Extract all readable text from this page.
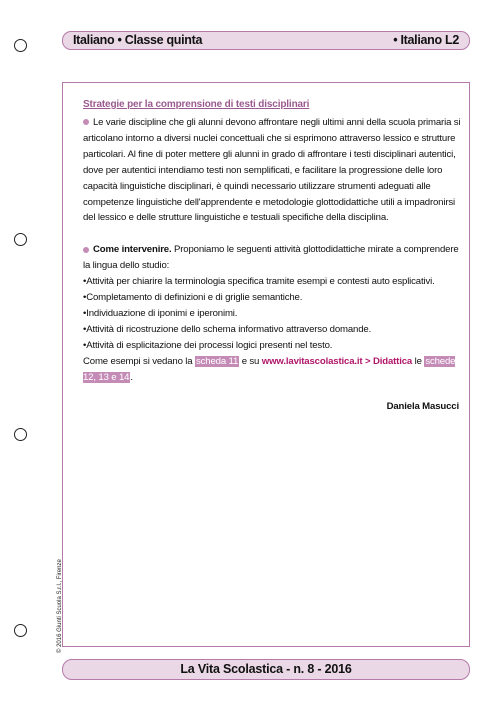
Italiano • Classe quinta	• Italiano L2
Strategie per la comprensione di testi disciplinari

Le varie discipline che gli alunni devono affrontare negli ultimi anni della scuola primaria si articolano intorno a diversi nuclei concettuali che si esprimono attraverso lessico e strutture particolari. Al fine di poter mettere gli alunni in grado di affrontare i testi disciplinari autentici, dove per autentici intendiamo testi non semplificati, e facilitare la progressione delle loro capacità linguistiche disciplinari, è quindi necessario utilizzare strumenti adeguati alle competenze linguistiche dell'apprendente e metodologie glottodidattiche utili a impadronirsi del lessico e delle strutture linguistiche e testuali specifiche della disciplina.

Come intervenire. Proponiamo le seguenti attività glottodidattiche mirate a comprendere la lingua dello studio:

• Attività per chiarire la terminologia specifica tramite esempi e contesti auto esplicativi.
• Completamento di definizioni e di griglie semantiche.
• Individuazione di iponimi e iperonimi.
• Attività di ricostruzione dello schema informativo attraverso domande.
• Attività di esplicitazione dei processi logici presenti nel testo.

Come esempi si vedano la scheda 11 e su www.lavitascolastica.it > Didattica le schede 12, 13 e 14.

Daniela Masucci
© 2016 Giunti Scuola S.r.l., Firenze
La Vita Scolastica - n. 8 - 2016
